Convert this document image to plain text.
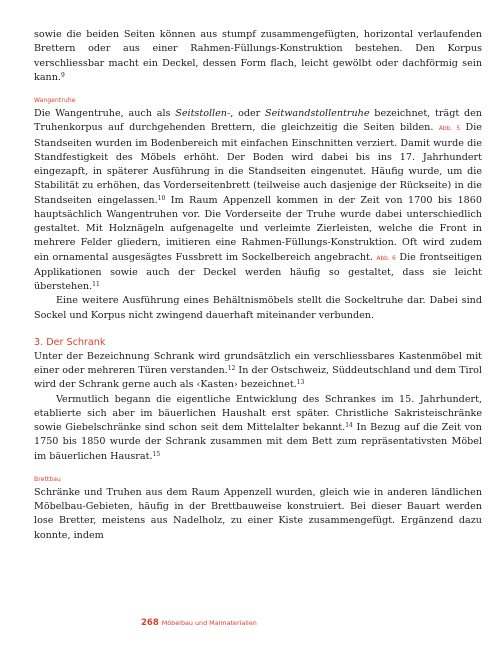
sowie die beiden Seiten können aus stumpf zusammengefügten, horizontal verlaufenden Brettern oder aus einer Rahmen-Füllungs-Konstruktion bestehen. Den Korpus verschliessbar macht ein Deckel, dessen Form flach, leicht gewölbt oder dachförmig sein kann.$^9$

Wangentruhe

Die Wangentruhe, auch als Seitstollen-, oder Seitwandstollentruhe bezeichnet, trägt den Truhenkorpus auf durchgehenden Brettern, die gleichzeitig die Seiten bilden. Abb. 5 Die Standseiten wurden im Bodenbereich mit einfachen Einschnitten verziert. Damit wurde die Standfestigkeit des Möbels erhöht. Der Boden wird dabei bis ins 17. Jahrhundert eingezapft, in späterer Ausführung in die Standseiten eingenutet. Häufig wurde, um die Stabilität zu erhöhen, das Vorderseitenbrett (teilweise auch dasjenige der Rückseite) in die Standseiten eingelassen.$^{10}$ Im Raum Appenzell kommen in der Zeit von 1700 bis 1860 hauptsächlich Wangentruhen vor. Die Vorderseite der Truhe wurde dabei unterschiedlich gestaltet. Mit Holznägeln aufgenagelte und verleimte Zierleisten, welche die Front in mehrere Felder gliedern, imitieren eine Rahmen-Füllungs-Konstruktion. Oft wird zudem ein ornamental ausgesägtes Fussbrett im Sockelbereich angebracht. Abb. 6 Die frontseitigen Applikationen sowie auch der Deckel werden häufig so gestaltet, dass sie leicht überstehen.$^{11}$

Eine weitere Ausführung eines Behältnismöbels stellt die Sockeltruhe dar. Dabei sind Sockel und Korpus nicht zwingend dauerhaft miteinander verbunden.

3. Der Schrank

Unter der Bezeichnung Schrank wird grundsätzlich ein verschliessbares Kastenmöbel mit einer oder mehreren Türen verstanden.$^{12}$ In der Ostschweiz, Süddeutschland und dem Tirol wird der Schrank gerne auch als ‹Kasten› bezeichnet.$^{13}$

Vermutlich begann die eigentliche Entwicklung des Schrankes im 15. Jahrhundert, etablierte sich aber im bäuerlichen Haushalt erst später. Christliche Sakristeischränke sowie Giebelschränke sind schon seit dem Mittelalter bekannt.$^{14}$ In Bezug auf die Zeit von 1750 bis 1850 wurde der Schrank zusammen mit dem Bett zum repräsentativsten Möbel im bäuerlichen Hausrat.$^{15}$

Brettbau

Schränke und Truhen aus dem Raum Appenzell wurden, gleich wie in anderen ländlichen Möbelbau-Gebieten, häufig in der Brettbauweise konstruiert. Bei dieser Bauart werden lose Bretter, meistens aus Nadelholz, zu einer Kiste zusammengefügt. Ergänzend dazu konnte, indem

268 Möbelbau und Malmaterialien
